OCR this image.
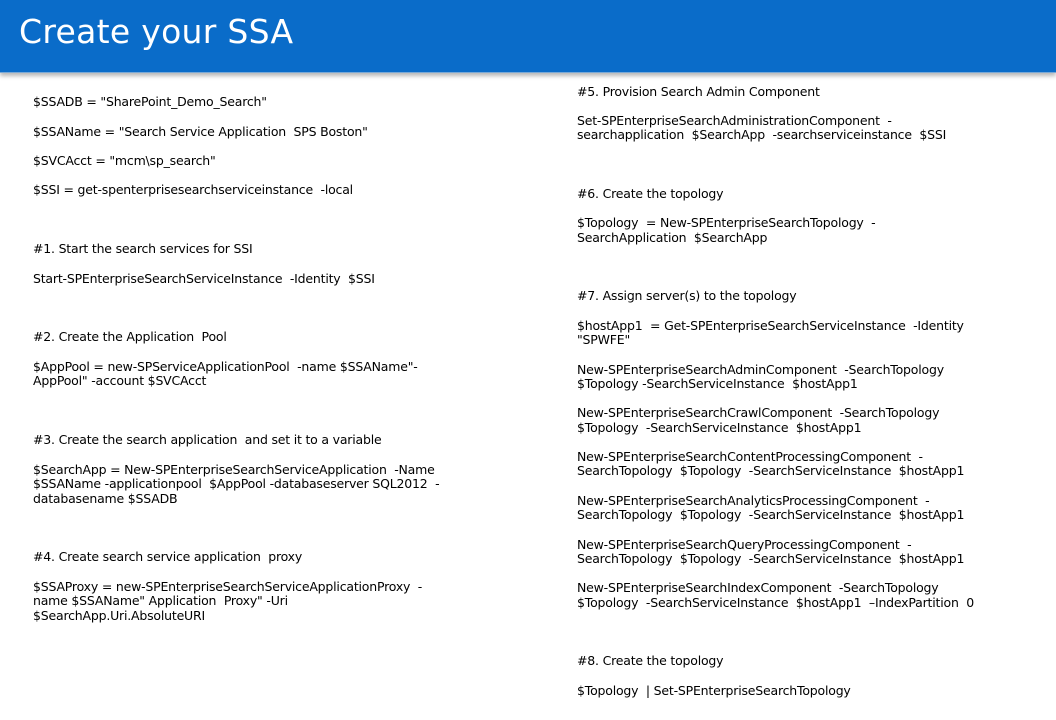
Create your SSA
$SSADB = "SharePoint_Demo_Search"
$SSAName = "Search Service Application  SPS Boston"
$SVCAcct = "mcm\sp_search"
$SSI = get-spenterprisesearchserviceinstance  -local
#1. Start the search services for SSI
Start-SPEnterpriseSearchServiceInstance  -Identity  $SSI
#2. Create the Application  Pool
$AppPool = new-SPServiceApplicationPool  -name $SSAName"-
AppPool" -account $SVCAcct
#3. Create the search application  and set it to a variable
$SearchApp = New-SPEnterpriseSearchServiceApplication  -Name
$SSAName -applicationpool  $AppPool -databaseserver SQL2012  -
databasename $SSADB
#4. Create search service application  proxy
$SSAProxy = new-SPEnterpriseSearchServiceApplicationProxy  -
name $SSAName" Application  Proxy" -Uri
$SearchApp.Uri.AbsoluteURI
#5. Provision Search Admin Component
Set-SPEnterpriseSearchAdministrationComponent  -
searchapplication  $SearchApp  -searchserviceinstance  $SSI
#6. Create the topology
$Topology  = New-SPEnterpriseSearchTopology  -
SearchApplication  $SearchApp
#7. Assign server(s) to the topology
$hostApp1  = Get-SPEnterpriseSearchServiceInstance  -Identity
"SPWFE"
New-SPEnterpriseSearchAdminComponent  -SearchTopology
$Topology -SearchServiceInstance  $hostApp1
New-SPEnterpriseSearchCrawlComponent  -SearchTopology
$Topology  -SearchServiceInstance  $hostApp1
New-SPEnterpriseSearchContentProcessingComponent  -
SearchTopology  $Topology  -SearchServiceInstance  $hostApp1
New-SPEnterpriseSearchAnalyticsProcessingComponent  -
SearchTopology  $Topology  -SearchServiceInstance  $hostApp1
New-SPEnterpriseSearchQueryProcessingComponent  -
SearchTopology  $Topology  -SearchServiceInstance  $hostApp1
New-SPEnterpriseSearchIndexComponent  -SearchTopology
$Topology  -SearchServiceInstance  $hostApp1  –IndexPartition  0
#8. Create the topology
$Topology  | Set-SPEnterpriseSearchTopology
